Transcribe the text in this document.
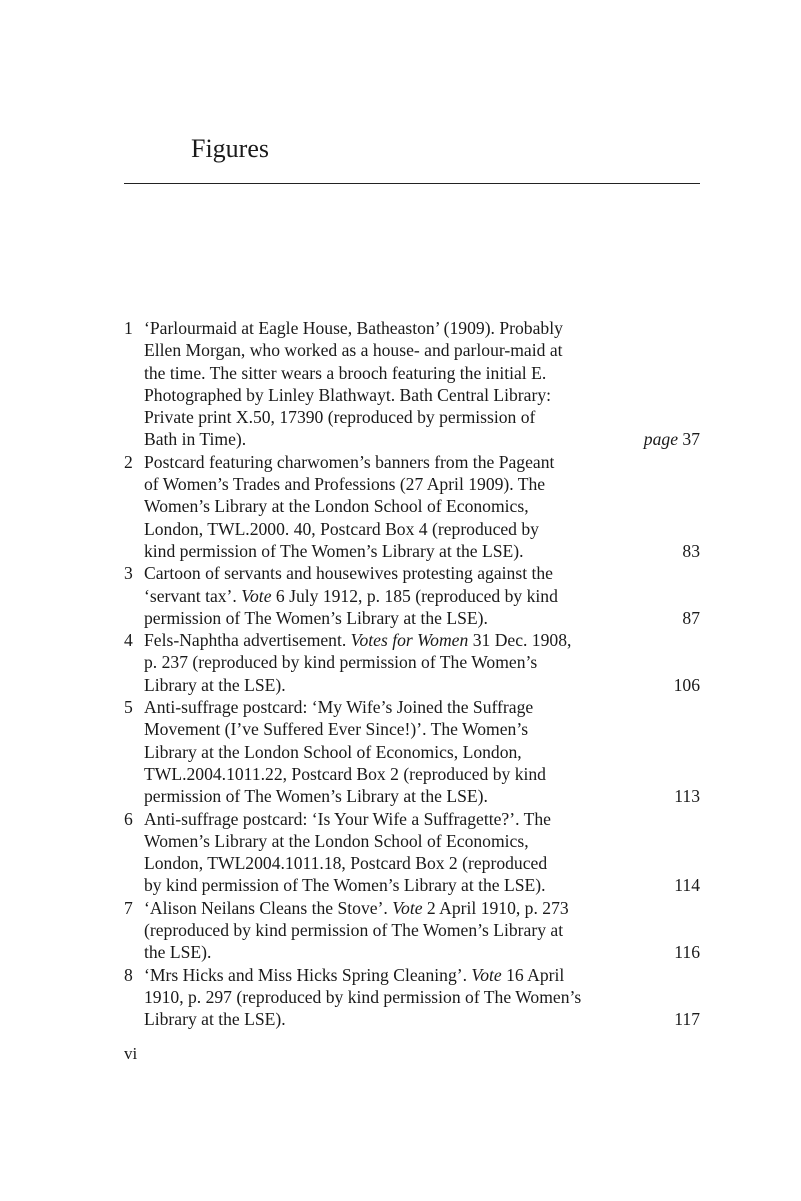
Figures
1 ‘Parlourmaid at Eagle House, Batheaston’ (1909). Probably
Ellen Morgan, who worked as a house- and parlour-maid at
the time. The sitter wears a brooch featuring the initial E.
Photographed by Linley Blathwayt. Bath Central Library:
Private print X.50, 17390 (reproduced by permission of
Bath in Time).	page 37
2 Postcard featuring charwomen’s banners from the Pageant
of Women’s Trades and Professions (27 April 1909). The
Women’s Library at the London School of Economics,
London, TWL.2000. 40, Postcard Box 4 (reproduced by
kind permission of The Women’s Library at the LSE).	83
3 Cartoon of servants and housewives protesting against the
‘servant tax’. Vote 6 July 1912, p. 185 (reproduced by kind
permission of The Women’s Library at the LSE).	87
4 Fels-Naphtha advertisement. Votes for Women 31 Dec. 1908,
p. 237 (reproduced by kind permission of The Women’s
Library at the LSE).	106
5 Anti-suffrage postcard: ‘My Wife’s Joined the Suffrage
Movement (I’ve Suffered Ever Since!)’. The Women’s
Library at the London School of Economics, London,
TWL.2004.1011.22, Postcard Box 2 (reproduced by kind
permission of The Women’s Library at the LSE).	113
6 Anti-suffrage postcard: ‘Is Your Wife a Suffragette?’. The
Women’s Library at the London School of Economics,
London, TWL2004.1011.18, Postcard Box 2 (reproduced
by kind permission of The Women’s Library at the LSE).	114
7 ‘Alison Neilans Cleans the Stove’. Vote 2 April 1910, p. 273
(reproduced by kind permission of The Women’s Library at
the LSE).	116
8 ‘Mrs Hicks and Miss Hicks Spring Cleaning’. Vote 16 April
1910, p. 297 (reproduced by kind permission of The Women’s
Library at the LSE).	117
vi
